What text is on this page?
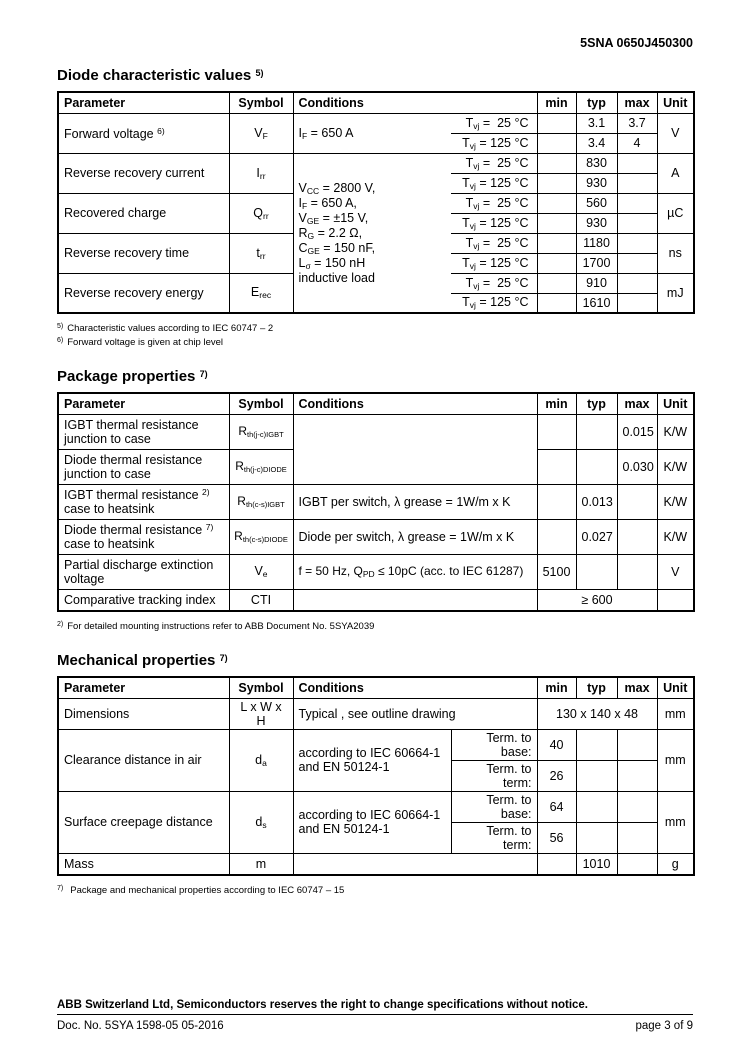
5SNA 0650J450300
Diode characteristic values $^{5)}$
Parameter	Symbol	Conditions		min	typ	max	Unit
Forward voltage $^{6)}$	$V_F$	$I_F = 650$ A	$T_{vj} = 25$ °C		3.1	3.7	V
			$T_{vj} = 125$ °C		3.4	4	
Reverse recovery current	$I_{rr}$	$V_{CC} = 2800$ V,
$I_F = 650$ A,
$V_{GE} = \pm 15$ V,
$R_G = 2.2$ Ω,
$C_{GE} = 150$ nF,
$L_\sigma = 150$ nH
inductive load	$T_{vj} = 25$ °C		830		A
			$T_{vj} = 125$ °C		930		
Recovered charge	$Q_{rr}$		$T_{vj} = 25$ °C		560		µC
			$T_{vj} = 125$ °C		930		
Reverse recovery time	$t_{rr}$		$T_{vj} = 25$ °C		1180		ns
			$T_{vj} = 125$ °C		1700		
Reverse recovery energy	$E_{rec}$		$T_{vj} = 25$ °C		910		mJ
			$T_{vj} = 125$ °C		1610		
$^{5)}$ Characteristic values according to IEC 60747 – 2
$^{6)}$ Forward voltage is given at chip level
Package properties $^{7)}$
Parameter	Symbol	Conditions	min	typ	max	Unit
IGBT thermal resistance junction to case	$R_{th(j-c)IGBT}$				0.015	K/W
Diode thermal resistance junction to case	$R_{th(j-c)DIODE}$				0.030	K/W
IGBT thermal resistance $^{2)}$
case to heatsink	$R_{th(c-s)IGBT}$	IGBT per switch, λ grease = 1W/m x K		0.013		K/W
Diode thermal resistance $^{7)}$
case to heatsink	$R_{th(c-s)DIODE}$	Diode per switch, λ grease = 1W/m x K		0.027		K/W
Partial discharge extinction voltage	$V_e$	f = 50 Hz, $Q_{PD} \le 10pC$ (acc. to IEC 61287)	5100			V
Comparative tracking index	CTI		≥ 600			
$^{2)}$ For detailed mounting instructions refer to ABB Document No. 5SYA2039
Mechanical properties $^{7)}$
Parameter	Symbol	Conditions		min	typ	max	Unit
Dimensions	L x W x H	Typical , see outline drawing		130 x 140 x 48			mm
Clearance distance in air	$d_a$	according to IEC 60664-1
and EN 50124-1	Term. to base:	40			mm
			Term. to term:	26			
Surface creepage distance	$d_s$	according to IEC 60664-1
and EN 50124-1	Term. to base:	64			mm
			Term. to term:	56			
Mass	m				1010		g
$^{7)}$ Package and mechanical properties according to IEC 60747 – 15
ABB Switzerland Ltd, Semiconductors reserves the right to change specifications without notice.
Doc. No. 5SYA 1598-05 05-2016	page 3 of 9
